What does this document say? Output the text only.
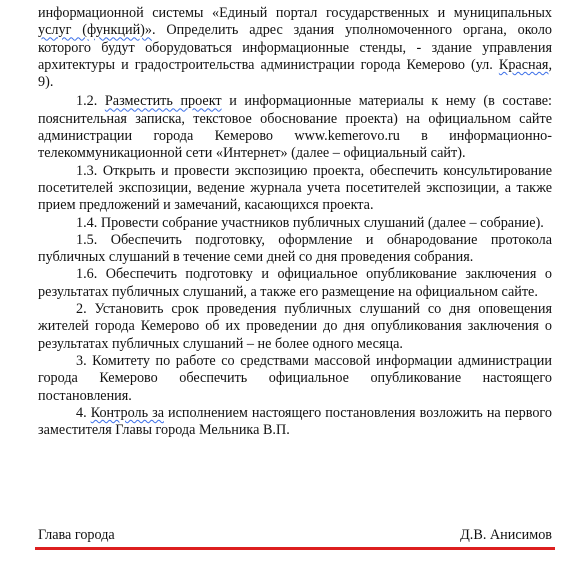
информационной системы «Единый портал государственных и муниципальных услуг (функций)». Определить адрес здания уполномоченного органа, около которого будут оборудоваться информационные стенды, - здание управления архитектуры и градостроительства администрации города Кемерово (ул. Красная, 9).

1.2. Разместить проект и информационные материалы к нему (в составе: пояснительная записка, текстовое обоснование проекта) на официальном сайте администрации города Кемерово www.kemerovo.ru в информационно-телекоммуникационной сети «Интернет» (далее – официальный сайт).

1.3. Открыть и провести экспозицию проекта, обеспечить консультирование посетителей экспозиции, ведение журнала учета посетителей экспозиции, а также прием предложений и замечаний, касающихся проекта.

1.4. Провести собрание участников публичных слушаний (далее – собрание).

1.5. Обеспечить подготовку, оформление и обнародование протокола публичных слушаний в течение семи дней со дня проведения собрания.

1.6. Обеспечить подготовку и официальное опубликование заключения о результатах публичных слушаний, а также его размещение на официальном сайте.

2. Установить срок проведения публичных слушаний со дня оповещения жителей города Кемерово об их проведении до дня опубликования заключения о результатах публичных слушаний – не более одного месяца.

3. Комитету по работе со средствами массовой информации администрации города Кемерово обеспечить официальное опубликование настоящего постановления.

4. Контроль за исполнением настоящего постановления возложить на первого заместителя Главы города Мельника В.П.

Глава города	Д.В. Анисимов
